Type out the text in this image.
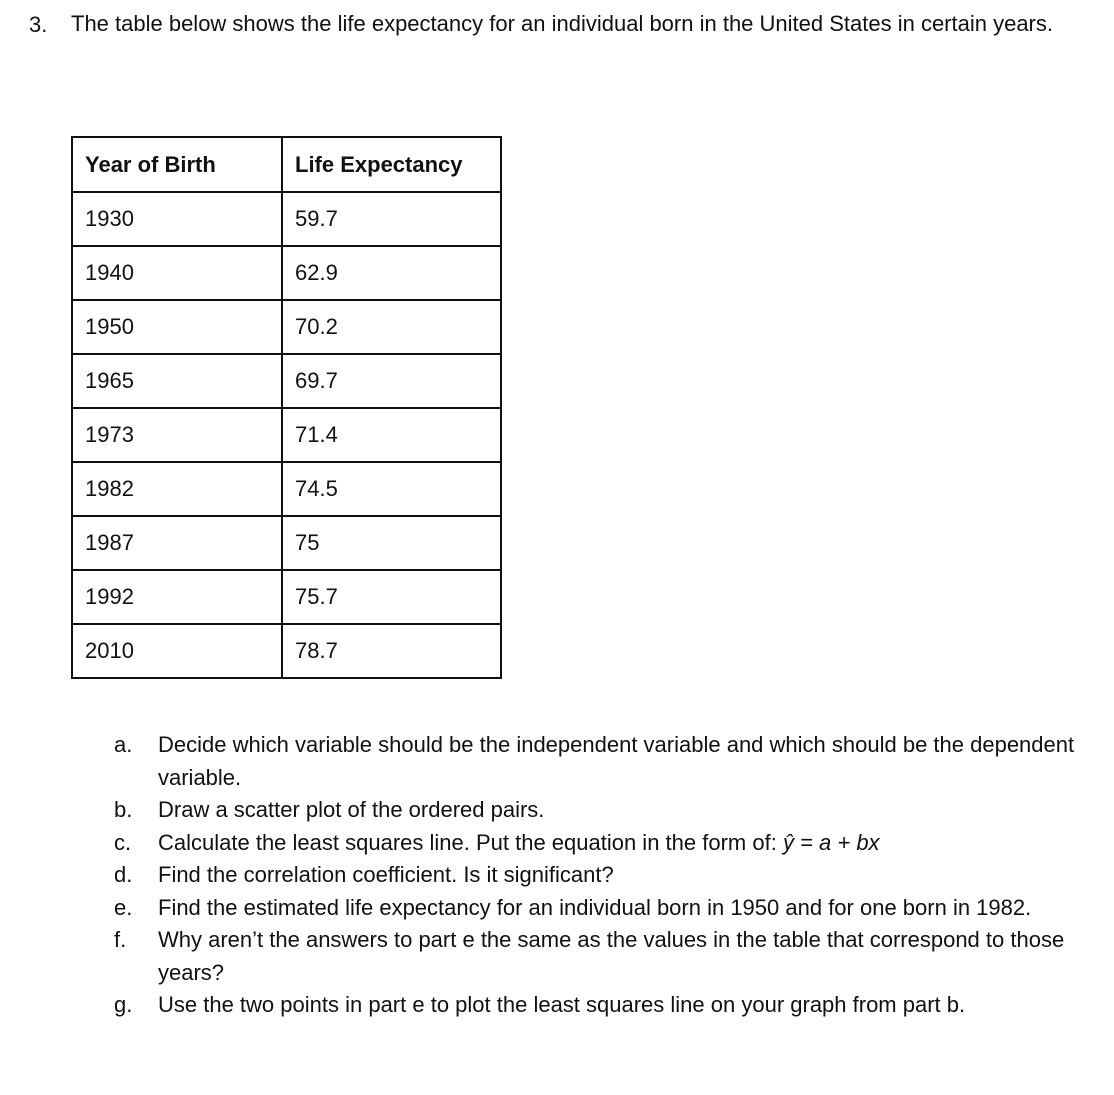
3. The table below shows the life expectancy for an individual born in the United States in certain years.
Year of Birth	Life Expectancy
1930	59.7
1940	62.9
1950	70.2
1965	69.7
1973	71.4
1982	74.5
1987	75
1992	75.7
2010	78.7
a.	Decide which variable should be the independent variable and which should be the dependent variable.
b.	Draw a scatter plot of the ordered pairs.
c.	Calculate the least squares line. Put the equation in the form of: ŷ = a + bx
d.	Find the correlation coefficient. Is it significant?
e.	Find the estimated life expectancy for an individual born in 1950 and for one born in 1982.
f.	Why aren’t the answers to part e the same as the values in the table that correspond to those years?
g.	Use the two points in part e to plot the least squares line on your graph from part b.
